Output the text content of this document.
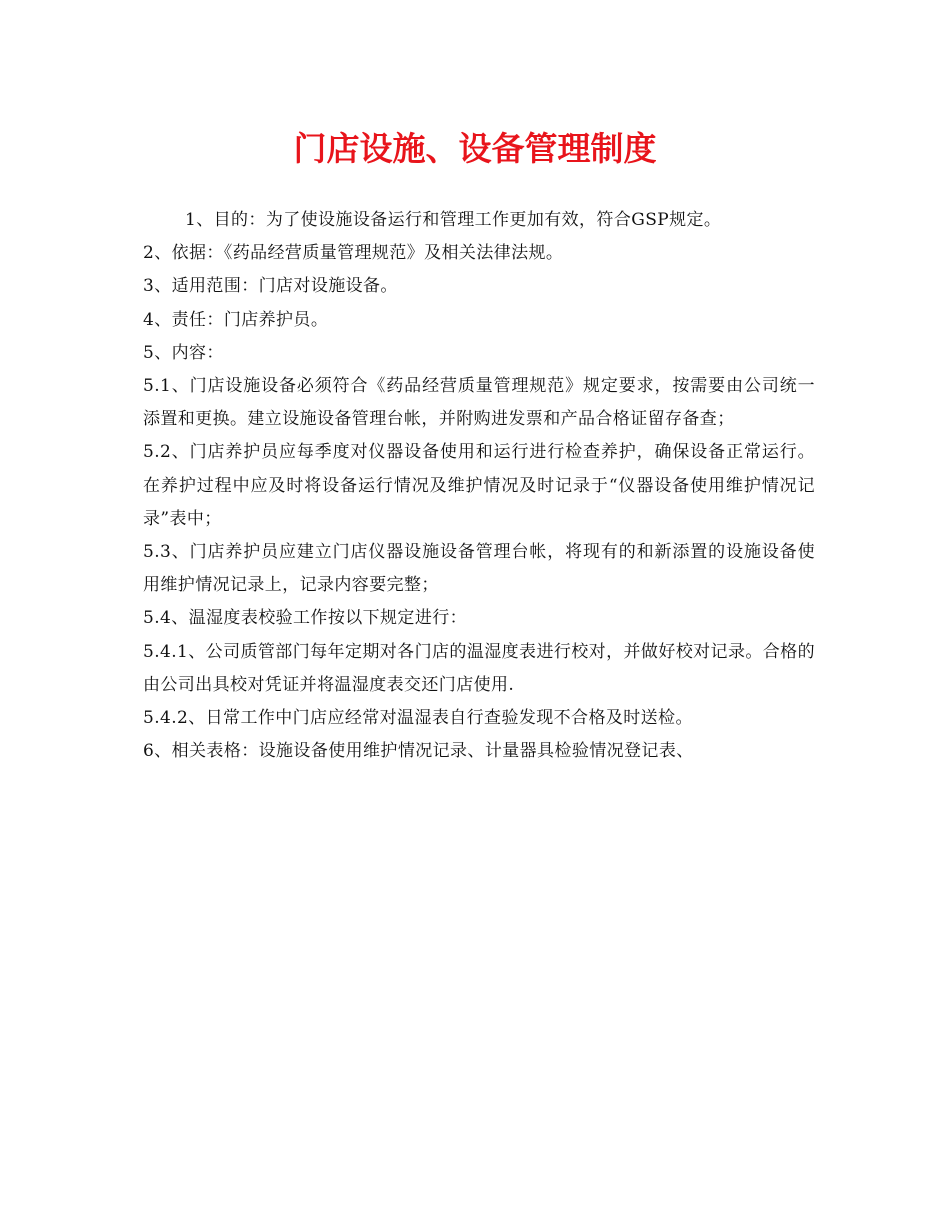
门店设施、设备管理制度

1、目的：为了使设施设备运行和管理工作更加有效，符合GSP规定。

2、依据：《药品经营质量管理规范》及相关法律法规。

3、适用范围：门店对设施设备。

4、责任：门店养护员。

5、内容：

5.1、门店设施设备必须符合《药品经营质量管理规范》规定要求，按需要由公司统一添置和更换。建立设施设备管理台帐，并附购进发票和产品合格证留存备查；

5.2、门店养护员应每季度对仪器设备使用和运行进行检查养护，确保设备正常运行。在养护过程中应及时将设备运行情况及维护情况及时记录于“仪器设备使用维护情况记录”表中；

5.3、门店养护员应建立门店仪器设施设备管理台帐，将现有的和新添置的设施设备使用维护情况记录上，记录内容要完整；

5.4、温湿度表校验工作按以下规定进行：

5.4.1、公司质管部门每年定期对各门店的温湿度表进行校对，并做好校对记录。合格的由公司出具校对凭证并将温湿度表交还门店使用.

5.4.2、日常工作中门店应经常对温湿表自行查验发现不合格及时送检。

6、相关表格：设施设备使用维护情况记录、计量器具检验情况登记表、
